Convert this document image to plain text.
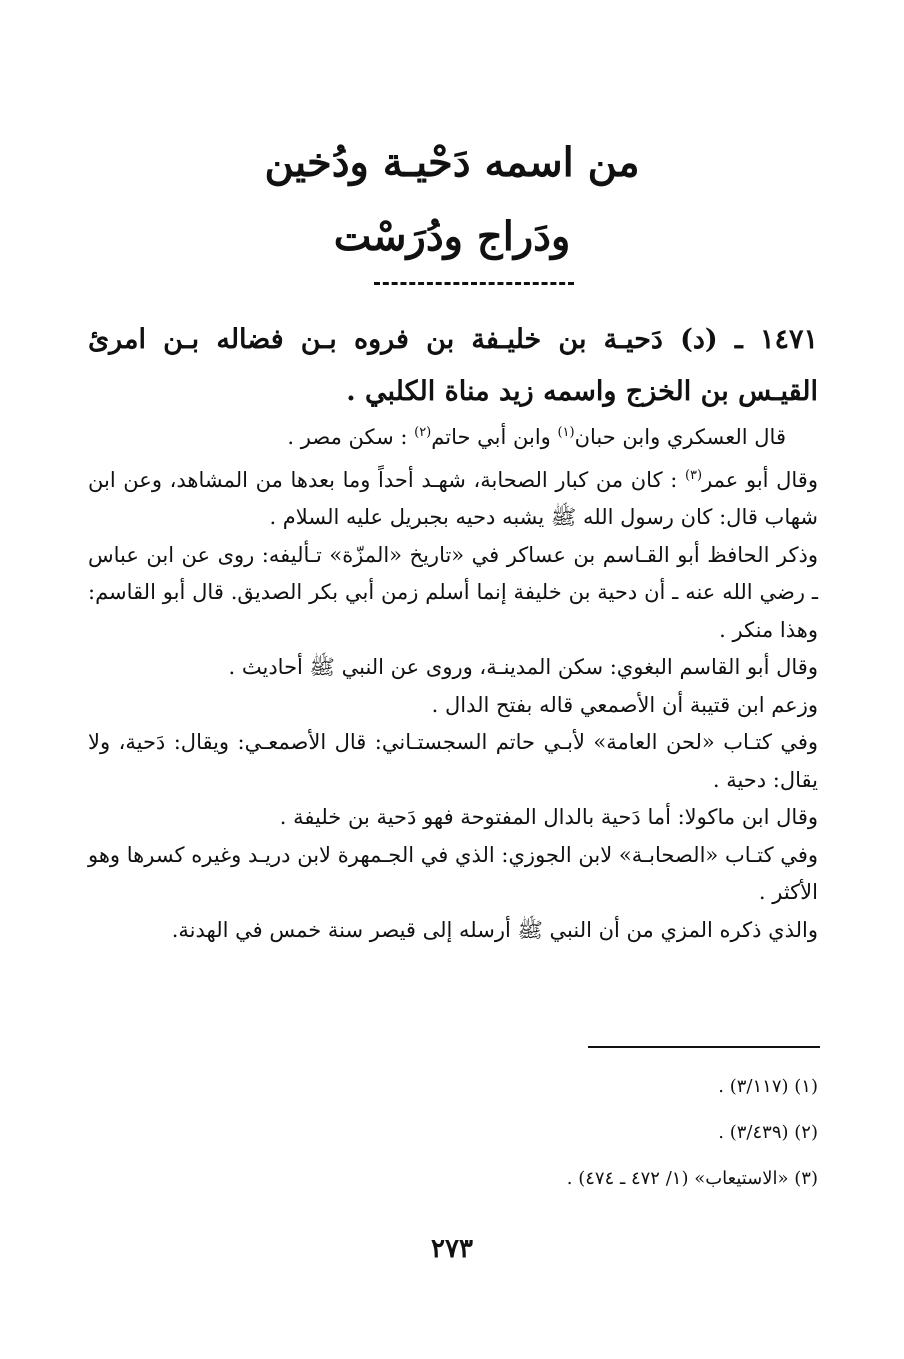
من اسمه دَحْيـة ودُخين
ودَراج ودُرَسْت

١٤٧١ ـ (د) دَحيـة بن خليـفة بن فروه بـن فضاله بـن امرئ القيـس بن الخزج واسمه زيد مناة الكلبي .

قال العسكري وابن حبان$^{(١)}$ وابن أبي حاتم$^{(٢)}$ : سكن مصر .

وقال أبو عمر$^{(٣)}$ : كان من كبار الصحابة، شهـد أحداً وما بعدها من المشاهد، وعن ابن شهاب قال: كان رسول الله ﷺ يشبه دحيه بجبريل عليه السلام .

وذكر الحافظ أبو القـاسم بن عساكر في «تاريخ «المزّة» تـأليفه: روى عن ابن عباس ـ رضي الله عنه ـ أن دحية بن خليفة إنما أسلم زمن أبي بكر الصديق. قال أبو القاسم: وهذا منكر .

وقال أبو القاسم البغوي: سكن المدينـة، وروى عن النبي ﷺ أحاديث .

وزعم ابن قتيبة أن الأصمعي قاله بفتح الدال .

وفي كتـاب «لحن العامة» لأبـي حاتم السجستـاني: قال الأصمعـي: ويقال: دَحية، ولا يقال: دحية .

وقال ابن ماكولا: أما دَحية بالدال المفتوحة فهو دَحية بن خليفة .

وفي كتـاب «الصحابـة» لابن الجوزي: الذي في الجـمهرة لابن دريـد وغيره كسرها وهو الأكثر .

والذي ذكره المزي من أن النبي ﷺ أرسله إلى قيصر سنة خمس في الهدنة.

(١) (٣/١١٧) .
(٢) (٣/٤٣٩) .
(٣) «الاستيعاب» (١/ ٤٧٢ ـ ٤٧٤) .
٢٧٣
